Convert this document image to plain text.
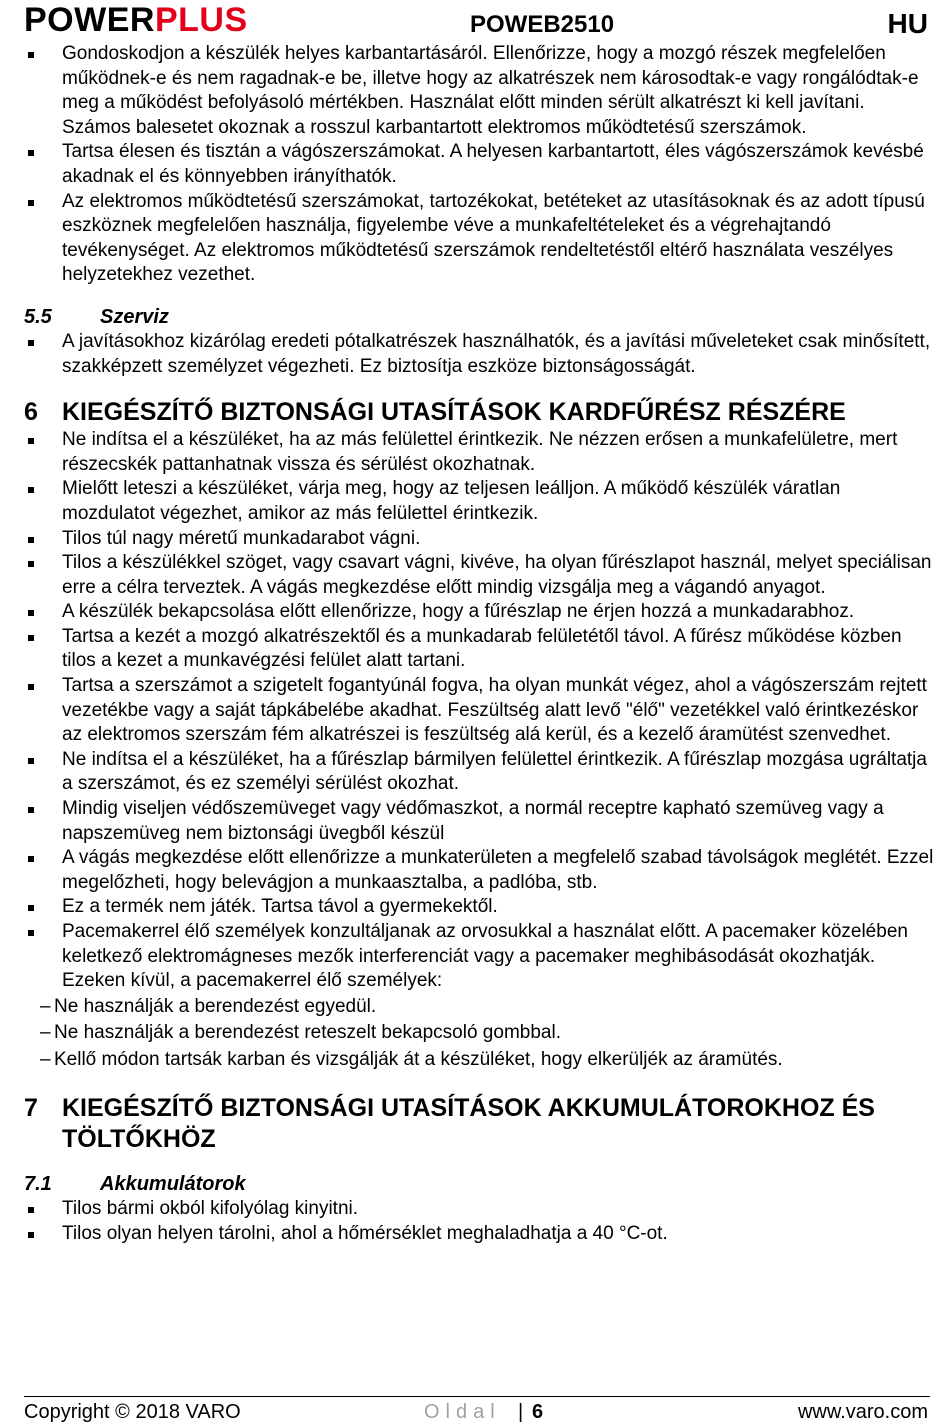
POWERPLUS	POWEB2510	HU
Gondoskodjon a készülék helyes karbantartásáról. Ellenőrizze, hogy a mozgó részek megfelelően működnek-e és nem ragadnak-e be, illetve hogy az alkatrészek nem károsodtak-e vagy rongálódtak-e meg a működést befolyásoló mértékben. Használat előtt minden sérült alkatrészt ki kell javítani. Számos balesetet okoznak a rosszul karbantartott elektromos működtetésű szerszámok.
Tartsa élesen és tisztán a vágószerszámokat. A helyesen karbantartott, éles vágószerszámok kevésbé akadnak el és könnyebben irányíthatók.
Az elektromos működtetésű szerszámokat, tartozékokat, betéteket az utasításoknak és az adott típusú eszköznek megfelelően használja, figyelembe véve a munkafeltételeket és a végrehajtandó tevékenységet. Az elektromos működtetésű szerszámok rendeltetéstől eltérő használata veszélyes helyzetekhez vezethet.
5.5 Szerviz
A javításokhoz kizárólag eredeti pótalkatrészek használhatók, és a javítási műveleteket csak minősített, szakképzett személyzet végezheti. Ez biztosítja eszköze biztonságosságát.
6 KIEGÉSZÍTŐ BIZTONSÁGI UTASÍTÁSOK KARDFŰRÉSZ RÉSZÉRE
Ne indítsa el a készüléket, ha az más felülettel érintkezik. Ne nézzen erősen a munkafelületre, mert részecskék pattanhatnak vissza és sérülést okozhatnak.
Mielőtt leteszi a készüléket, várja meg, hogy az teljesen leálljon. A működő készülék váratlan mozdulatot végezhet, amikor az más felülettel érintkezik.
Tilos túl nagy méretű munkadarabot vágni.
Tilos a készülékkel szöget, vagy csavart vágni, kivéve, ha olyan fűrészlapot használ, melyet speciálisan erre a célra terveztek. A vágás megkezdése előtt mindig vizsgálja meg a vágandó anyagot.
A készülék bekapcsolása előtt ellenőrizze, hogy a fűrészlap ne érjen hozzá a munkadarabhoz.
Tartsa a kezét a mozgó alkatrészektől és a munkadarab felületétől távol. A fűrész működése közben tilos a kezet a munkavégzési felület alatt tartani.
Tartsa a szerszámot a szigetelt fogantyúnál fogva, ha olyan munkát végez, ahol a vágószerszám rejtett vezetékbe vagy a saját tápkábelébe akadhat. Feszültség alatt levő "élő" vezetékkel való érintkezéskor az elektromos szerszám fém alkatrészei is feszültség alá kerül, és a kezelő áramütést szenvedhet.
Ne indítsa el a készüléket, ha a fűrészlap bármilyen felülettel érintkezik. A fűrészlap mozgása ugráltatja a szerszámot, és ez személyi sérülést okozhat.
Mindig viseljen védőszemüveget vagy védőmaszkot, a normál receptre kapható szemüveg vagy a napszemüveg nem biztonsági üvegből készül
A vágás megkezdése előtt ellenőrizze a munkaterületen a megfelelő szabad távolságok meglétét. Ezzel megelőzheti, hogy belevágjon a munkaasztalba, a padlóba, stb.
Ez a termék nem játék. Tartsa távol a gyermekektől.
Pacemakerrel élő személyek konzultáljanak az orvosukkal a használat előtt. A pacemaker közelében keletkező elektromágneses mezők interferenciát vagy a pacemaker meghibásodását okozhatják. Ezeken kívül, a pacemakerrel élő személyek:
– Ne használják a berendezést egyedül.
– Ne használják a berendezést reteszelt bekapcsoló gombbal.
– Kellő módon tartsák karban és vizsgálják át a készüléket, hogy elkerüljék az áramütés.
7 KIEGÉSZÍTŐ BIZTONSÁGI UTASÍTÁSOK AKKUMULÁTOROKHOZ ÉS TÖLTŐKHÖZ
7.1 Akkumulátorok
Tilos bármi okból kifolyólag kinyitni.
Tilos olyan helyen tárolni, ahol a hőmérséklet meghaladhatja a 40 °C-ot.
Copyright © 2018 VARO	Oldal | 6	www.varo.com
